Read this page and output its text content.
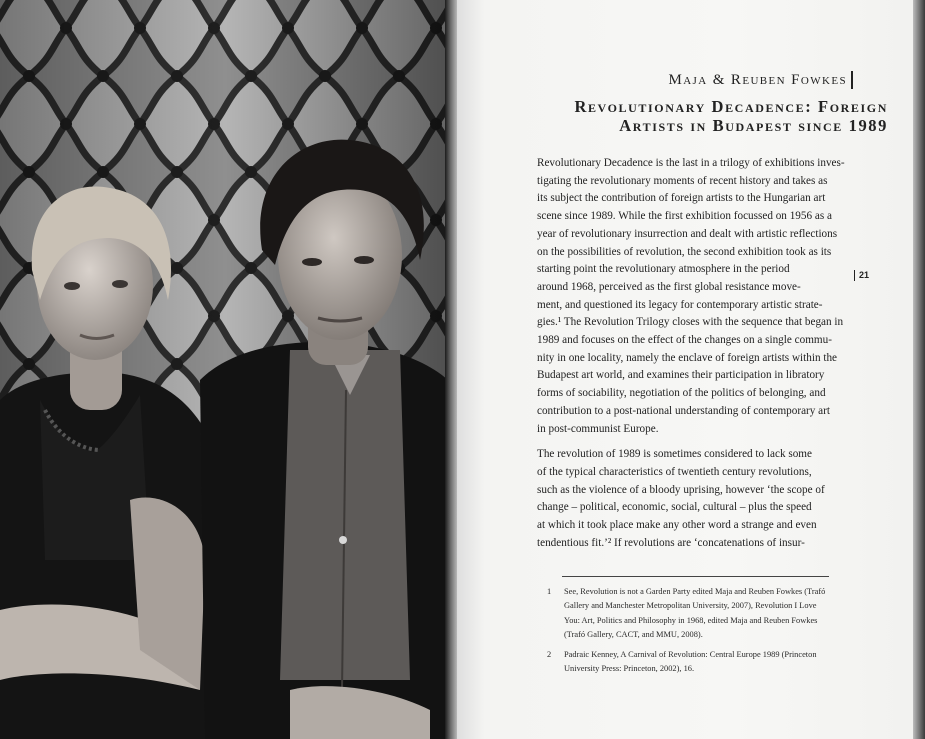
Maja & Reuben Fowkes
Revolutionary Decadence: Foreign
Artists in Budapest since 1989
21

Revolutionary Decadence is the last in a trilogy of exhibitions inves-
tigating the revolutionary moments of recent history and takes as
its subject the contribution of foreign artists to the Hungarian art
scene since 1989. While the first exhibition focussed on 1956 as a
year of revolutionary insurrection and dealt with artistic reflections
on the possibilities of revolution, the second exhibition took as its
starting point the revolutionary atmosphere in the period
around 1968, perceived as the first global resistance move-
ment, and questioned its legacy for contemporary artistic strate-
gies.¹ The Revolution Trilogy closes with the sequence that began in
1989 and focuses on the effect of the changes on a single commu-
nity in one locality, namely the enclave of foreign artists within the
Budapest art world, and examines their participation in libratory
forms of sociability, negotiation of the politics of belonging, and
contribution to a post-national understanding of contemporary art
in post-communist Europe.

The revolution of 1989 is sometimes considered to lack some
of the typical characteristics of twentieth century revolutions,
such as the violence of a bloody uprising, however ‘the scope of
change – political, economic, social, cultural – plus the speed
at which it took place make any other word a strange and even
tendentious fit.’² If revolutions are ‘concatenations of insur-

1 See, Revolution is not a Garden Party edited Maja and Reuben Fowkes (Trafó
Gallery and Manchester Metropolitan University, 2007), Revolution I Love
You: Art, Politics and Philosophy in 1968, edited Maja and Reuben Fowkes
(Trafó Gallery, CACT, and MMU, 2008).
2 Padraic Kenney, A Carnival of Revolution: Central Europe 1989 (Princeton
University Press: Princeton, 2002), 16.
